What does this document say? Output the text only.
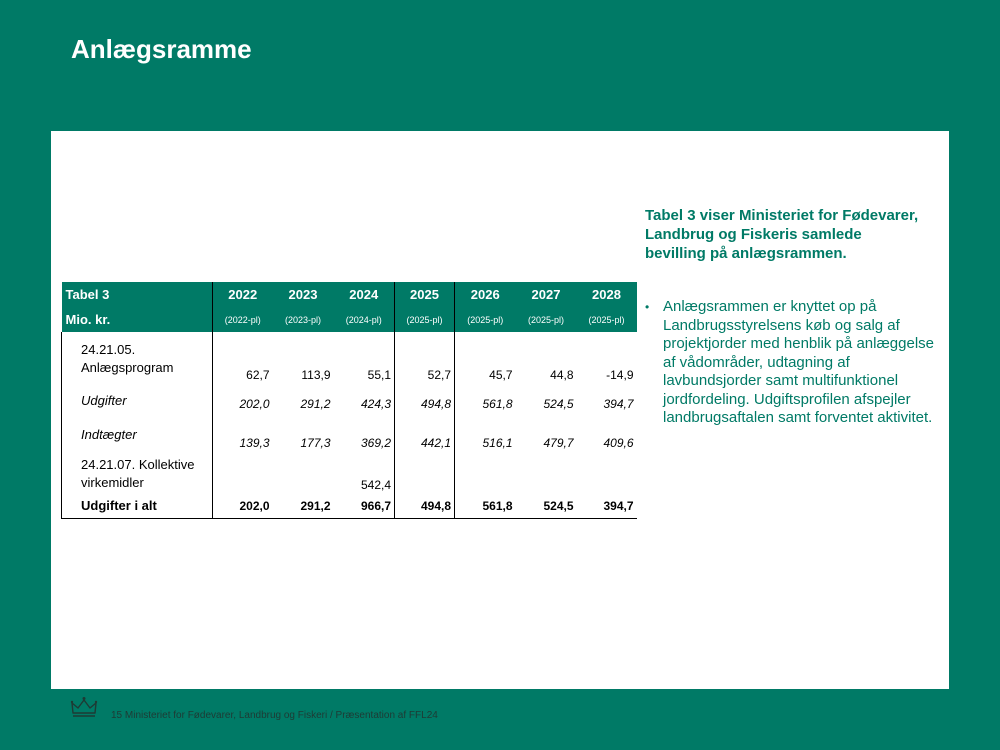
Anlægsramme
Tabel 3	2022	2023	2024	2025	2026	2027	2028
Mio. kr.	(2022-pl)	(2023-pl)	(2024-pl)	(2025-pl)	(2025-pl)	(2025-pl)	(2025-pl)
24.21.05.
Anlægsprogram	62,7	113,9	55,1	52,7	45,7	44,8	-14,9
Udgifter	202,0	291,2	424,3	494,8	561,8	524,5	394,7
Indtægter	139,3	177,3	369,2	442,1	516,1	479,7	409,6
24.21.07. Kollektive
virkemidler			542,4				
Udgifter i alt	202,0	291,2	966,7	494,8	561,8	524,5	394,7
Tabel 3 viser Ministeriet for Fødevarer, Landbrug og Fiskeris samlede bevilling på anlægsrammen.
• Anlægsrammen er knyttet op på Landbrugsstyrelsens køb og salg af projektjorder med henblik på anlæggelse af vådområder, udtagning af lavbundsjorder samt multifunktionel jordfordeling. Udgiftsprofilen afspejler landbrugsaftalen samt forventet aktivitet.
15 Ministeriet for Fødevarer, Landbrug og Fiskeri / Præsentation af FFL24
